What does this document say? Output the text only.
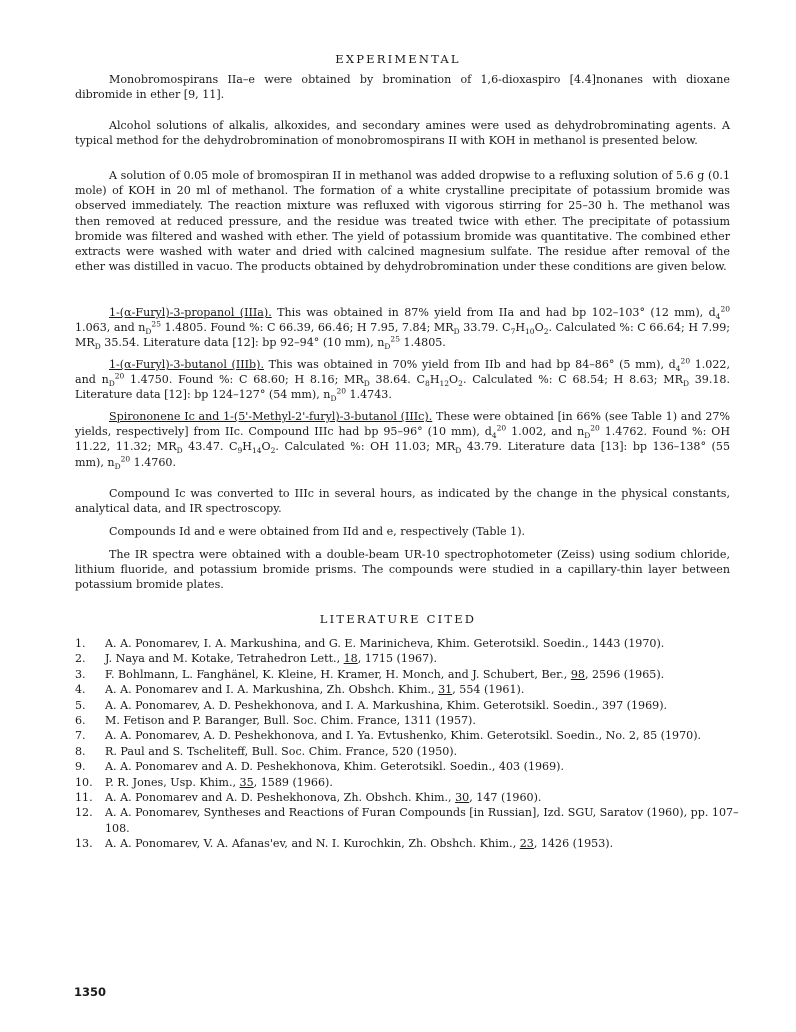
EXPERIMENTAL

Monobromospirans IIa–e were obtained by bromination of 1,6-dioxaspiro [4.4]nonanes with dioxane dibromide in ether [9, 11].

Alcohol solutions of alkalis, alkoxides, and secondary amines were used as dehydrobrominating agents. A typical method for the dehydrobromination of monobromospirans II with KOH in methanol is presented below.

A solution of 0.05 mole of bromospiran II in methanol was added dropwise to a refluxing solution of 5.6 g (0.1 mole) of KOH in 20 ml of methanol. The formation of a white crystalline precipitate of potassium bromide was observed immediately. The reaction mixture was refluxed with vigorous stirring for 25–30 h. The methanol was then removed at reduced pressure, and the residue was treated twice with ether. The precipitate of potassium bromide was filtered and washed with ether. The yield of potassium bromide was quantitative. The combined ether extracts were washed with water and dried with calcined magnesium sulfate. The residue after removal of the ether was distilled in vacuo. The products obtained by dehydrobromination under these conditions are given below.

1-(α-Furyl)-3-propanol (IIIa). This was obtained in 87% yield from IIa and had bp 102–103° (12 mm), $d_4^{20}$ 1.063, and $n_D^{25}$ 1.4805. Found %: C 66.39, 66.46; H 7.95, 7.84; $MR_D$ 33.79. $C_7H_{10}O_2$. Calculated %: C 66.64; H 7.99; $MR_D$ 35.54. Literature data [12]: bp 92–94° (10 mm), $n_D^{25}$ 1.4805.

1-(α-Furyl)-3-butanol (IIIb). This was obtained in 70% yield from IIb and had bp 84–86° (5 mm), $d_4^{20}$ 1.022, and $n_D^{20}$ 1.4750. Found %: C 68.60; H 8.16; $MR_D$ 38.64. $C_8H_{12}O_2$. Calculated %: C 68.54; H 8.63; $MR_D$ 39.18. Literature data [12]: bp 124–127° (54 mm), $n_D^{20}$ 1.4743.

Spirononene Ic and 1-(5'-Methyl-2'-furyl)-3-butanol (IIIc). These were obtained [in 66% (see Table 1) and 27% yields, respectively] from IIc. Compound IIIc had bp 95–96° (10 mm), $d_4^{20}$ 1.002, and $n_D^{20}$ 1.4762. Found %: OH 11.22, 11.32; $MR_D$ 43.47. $C_9H_{14}O_2$. Calculated %: OH 11.03; $MR_D$ 43.79. Literature data [13]: bp 136–138° (55 mm), $n_D^{20}$ 1.4760.

Compound Ic was converted to IIIc in several hours, as indicated by the change in the physical constants, analytical data, and IR spectroscopy.

Compounds Id and e were obtained from IId and e, respectively (Table 1).

The IR spectra were obtained with a double-beam UR-10 spectrophotometer (Zeiss) using sodium chloride, lithium fluoride, and potassium bromide prisms. The compounds were studied in a capillary-thin layer between potassium bromide plates.

LITERATURE CITED
1.	A. A. Ponomarev, I. A. Markushina, and G. E. Marinicheva, Khim. Geterotsikl. Soedin., 1443 (1970).
2.	J. Naya and M. Kotake, Tetrahedron Lett., 18, 1715 (1967).
3.	F. Bohlmann, L. Fanghänel, K. Kleine, H. Kramer, H. Monch, and J. Schubert, Ber., 98, 2596 (1965).
4.	A. A. Ponomarev and I. A. Markushina, Zh. Obshch. Khim., 31, 554 (1961).
5.	A. A. Ponomarev, A. D. Peshekhonova, and I. A. Markushina, Khim. Geterotsikl. Soedin., 397 (1969).
6.	M. Fetison and P. Baranger, Bull. Soc. Chim. France, 1311 (1957).
7.	A. A. Ponomarev, A. D. Peshekhonova, and I. Ya. Evtushenko, Khim. Geterotsikl. Soedin., No. 2, 85 (1970).
8.	R. Paul and S. Tscheliteff, Bull. Soc. Chim. France, 520 (1950).
9.	A. A. Ponomarev and A. D. Peshekhonova, Khim. Geterotsikl. Soedin., 403 (1969).
10.	P. R. Jones, Usp. Khim., 35, 1589 (1966).
11.	A. A. Ponomarev and A. D. Peshekhonova, Zh. Obshch. Khim., 30, 147 (1960).
12.	A. A. Ponomarev, Syntheses and Reactions of Furan Compounds [in Russian], Izd. SGU, Saratov (1960), pp. 107–108.
13.	A. A. Ponomarev, V. A. Afanas'ev, and N. I. Kurochkin, Zh. Obshch. Khim., 23, 1426 (1953).
1350
